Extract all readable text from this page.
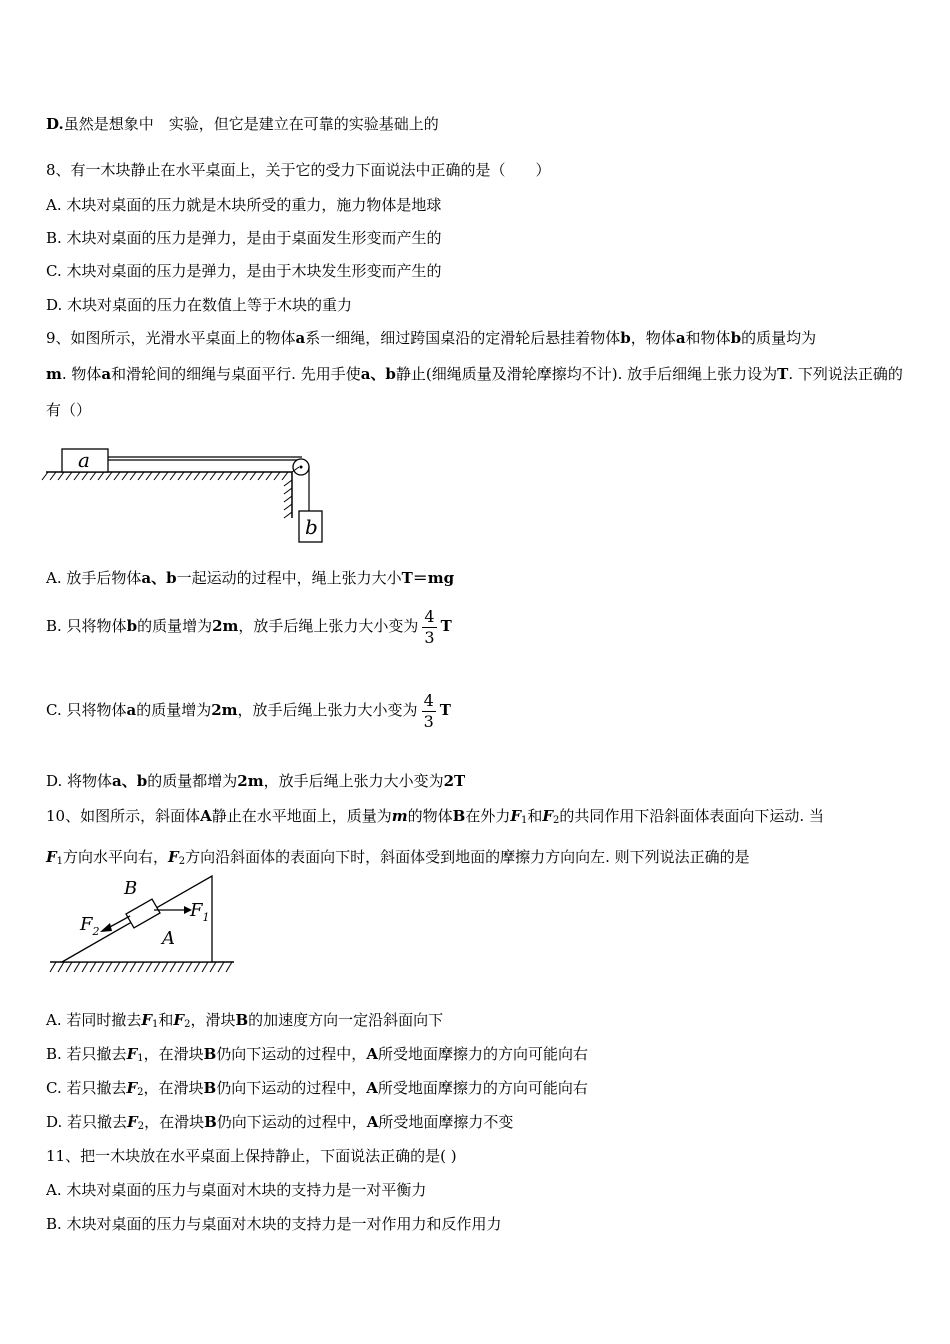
D.虽然是想象中　实验，但它是建立在可靠的实验基础上的
8、有一木块静止在水平桌面上，关于它的受力下面说法中正确的是（　　）
A. 木块对桌面的压力就是木块所受的重力，施力物体是地球
B. 木块对桌面的压力是弹力，是由于桌面发生形变而产生的
C. 木块对桌面的压力是弹力，是由于木块发生形变而产生的
D. 木块对桌面的压力在数值上等于木块的重力
9、如图所示，光滑水平桌面上的物体a系一细绳，细过跨国桌沿的定滑轮后悬挂着物体b，物体a和物体b的质量均为
m. 物体a和滑轮间的细绳与桌面平行. 先用手使a、b静止(细绳质量及滑轮摩擦均不计). 放手后细绳上张力设为T. 下列说法正确的有（）
a
b
A. 放手后物体a、b一起运动的过程中，绳上张力大小T＝mg
B. 只将物体b的质量增为2m，放手后绳上张力大小变为 $\frac{4}{3}$ T
C. 只将物体a的质量增为2m，放手后绳上张力大小变为 $\frac{4}{3}$ T
D. 将物体a、b的质量都增为2m，放手后绳上张力大小变为2T
10、如图所示，斜面体A静止在水平地面上，质量为m的物体B在外力$F_1$和$F_2$的共同作用下沿斜面体表面向下运动. 当
$F_1$方向水平向右，$F_2$方向沿斜面体的表面向下时，斜面体受到地面的摩擦力方向向左. 则下列说法正确的是
B
$F_1$
$F_2$	A
A. 若同时撤去$F_1$和$F_2$，滑块B的加速度方向一定沿斜面向下
B. 若只撤去$F_1$，在滑块B仍向下运动的过程中，A所受地面摩擦力的方向可能向右
C. 若只撤去$F_2$，在滑块B仍向下运动的过程中，A所受地面摩擦力的方向可能向右
D. 若只撤去$F_2$，在滑块B仍向下运动的过程中，A所受地面摩擦力不变
11、把一木块放在水平桌面上保持静止，下面说法正确的是( )
A. 木块对桌面的压力与桌面对木块的支持力是一对平衡力
B. 木块对桌面的压力与桌面对木块的支持力是一对作用力和反作用力
